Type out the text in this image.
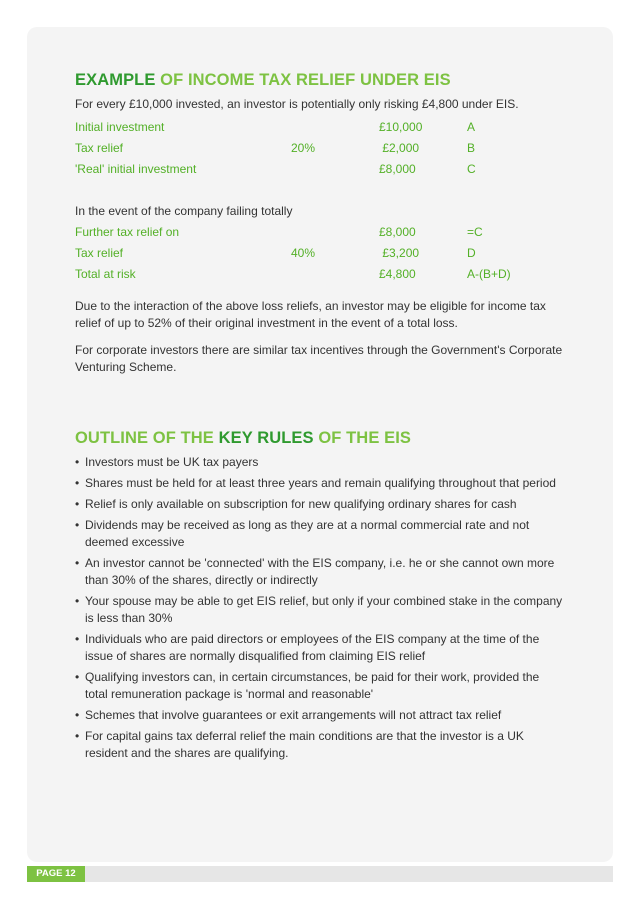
EXAMPLE OF INCOME TAX RELIEF UNDER EIS
For every £10,000 invested, an investor is potentially only risking £4,800 under EIS.
Initial investment		£10,000	A
Tax relief	20%	£2,000	B
'Real' initial investment		£8,000	C

In the event of the company failing totally			
Further tax relief on		£8,000	=C
Tax relief	40%	£3,200	D
Total at risk		£4,800	A-(B+D)

Due to the interaction of the above loss reliefs, an investor may be eligible for income tax relief of up to 52% of their original investment in the event of a total loss.

For corporate investors there are similar tax incentives through the Government's Corporate Venturing Scheme.

OUTLINE OF THE KEY RULES OF THE EIS
• Investors must be UK tax payers
• Shares must be held for at least three years and remain qualifying throughout that period
• Relief is only available on subscription for new qualifying ordinary shares for cash
• Dividends may be received as long as they are at a normal commercial rate and not deemed excessive
• An investor cannot be 'connected' with the EIS company, i.e. he or she cannot own more than 30% of the shares, directly or indirectly
• Your spouse may be able to get EIS relief, but only if your combined stake in the company is less than 30%
• Individuals who are paid directors or employees of the EIS company at the time of the issue of shares are normally disqualified from claiming EIS relief
• Qualifying investors can, in certain circumstances, be paid for their work, provided the total remuneration package is 'normal and reasonable'
• Schemes that involve guarantees or exit arrangements will not attract tax relief
• For capital gains tax deferral relief the main conditions are that the investor is a UK resident and the shares are qualifying.
PAGE 12
